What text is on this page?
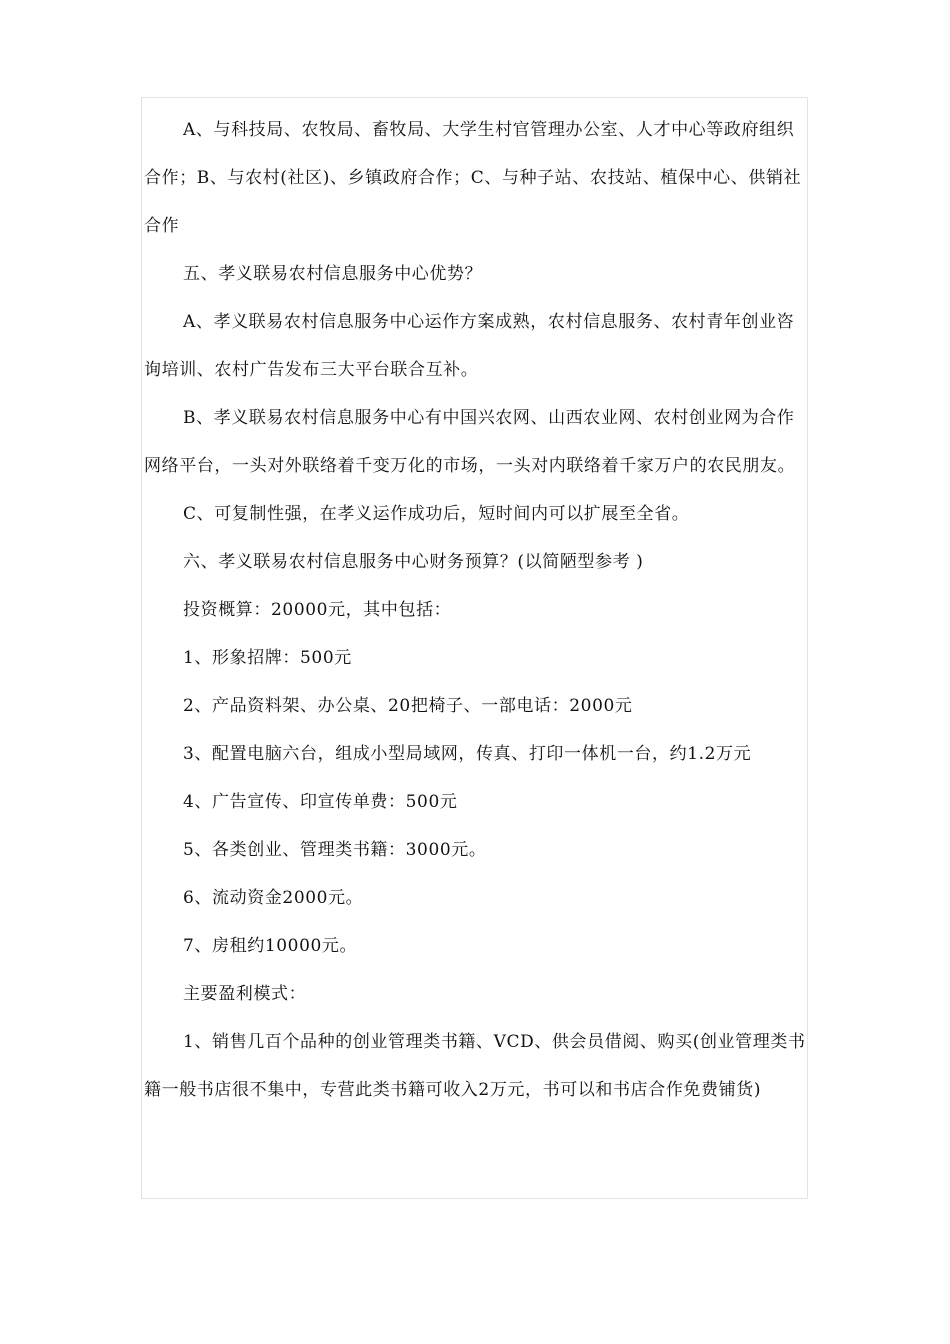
A、与科技局、农牧局、畜牧局、大学生村官管理办公室、人才中心等政府组织合作；B、与农村(社区)、乡镇政府合作；C、与种子站、农技站、植保中心、供销社合作

五、孝义联易农村信息服务中心优势？

A、孝义联易农村信息服务中心运作方案成熟，农村信息服务、农村青年创业咨询培训、农村广告发布三大平台联合互补。

B、孝义联易农村信息服务中心有中国兴农网、山西农业网、农村创业网为合作网络平台，一头对外联络着千变万化的市场，一头对内联络着千家万户的农民朋友。

C、可复制性强，在孝义运作成功后，短时间内可以扩展至全省。

六、孝义联易农村信息服务中心财务预算？(以简陋型参考 )

投资概算：20000元，其中包括：

1、形象招牌：500元

2、产品资料架、办公桌、20把椅子、一部电话：2000元

3、配置电脑六台，组成小型局域网，传真、打印一体机一台，约1.2万元

4、广告宣传、印宣传单费：500元

5、各类创业、管理类书籍：3000元。

6、流动资金2000元。

7、房租约10000元。

主要盈利模式：

1、销售几百个品种的创业管理类书籍、VCD、供会员借阅、购买(创业管理类书籍一般书店很不集中，专营此类书籍可收入2万元，书可以和书店合作免费铺货)
